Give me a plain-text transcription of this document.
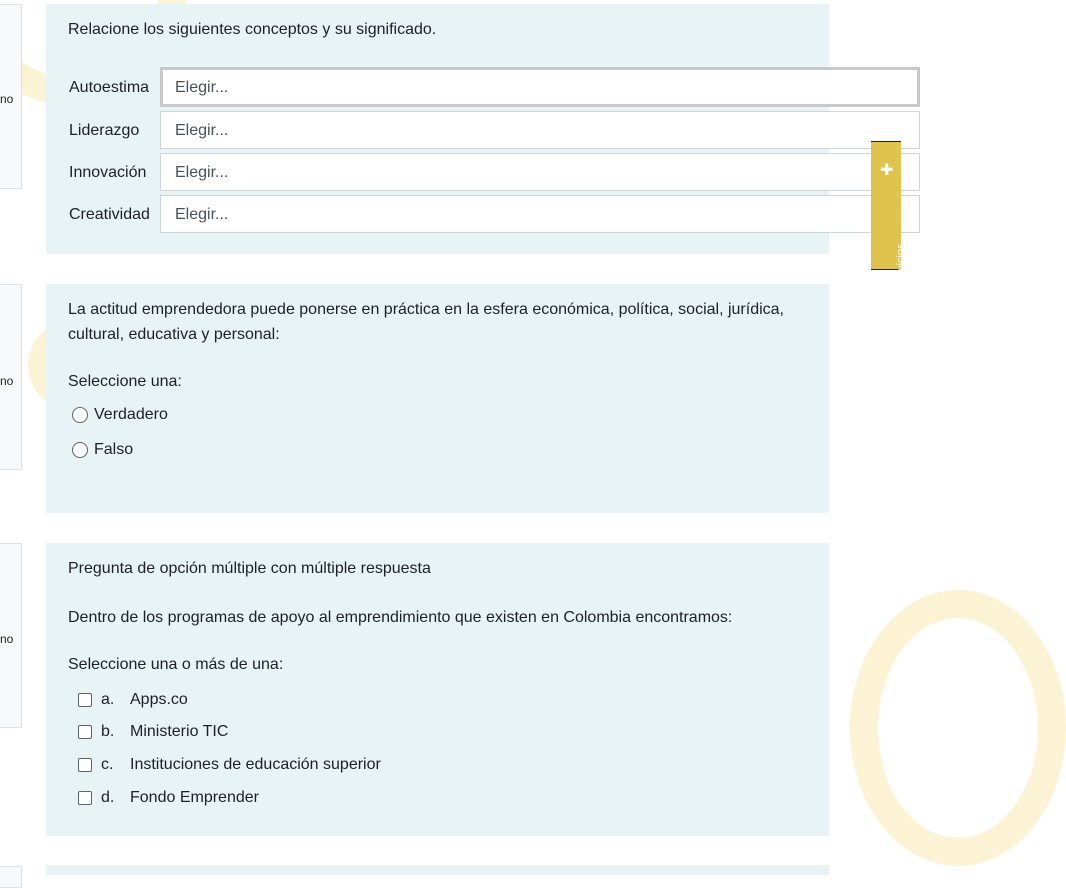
no
no
no
Relacione los siguientes conceptos y su significado.
Autoestima	Elegir...
Liderazgo	Elegir...
Innovación	Elegir...
Creatividad	Elegir...
La actitud emprendedora puede ponerse en práctica en la esfera económica, política, social, jurídica, cultural, educativa y personal:
Seleccione una:
Verdadero
Falso
Pregunta de opción múltiple con múltiple respuesta
Dentro de los programas de apoyo al emprendimiento que existen en Colombia encontramos:
Seleccione una o más de una:
a. Apps.co
b. Ministerio TIC
c.	Instituciones de educación superior
d. Fondo Emprender
✚
Servicios
